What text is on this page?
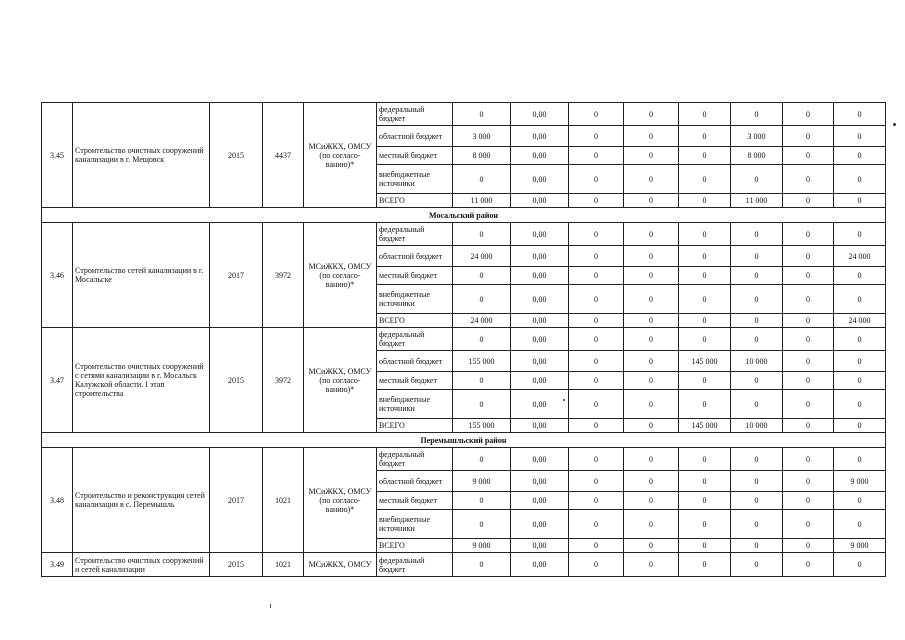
3.45	Строительство очистных сооружений канализации в г. Мещовск	2015	4437	МСиЖКХ, ОМСУ (по согласо-ванию)*	федеральный бюджет	0	0,00	0	0	0	0	0	0
					областной бюджет	3 000	0,00	0	0	0	3 000	0	0
					местный бюджет	8 000	0,00	0	0	0	8 000	0	0
					внебюджетные источники	0	0,00	0	0	0	0	0	0
					ВСЕГО	11 000	0,00	0	0	0	11 000	0	0
Мосальский район													
3.46	Строительство сетей канализации в г. Мосальске	2017	3972	МСиЖКХ, ОМСУ (по согласо-ванию)*	федеральный бюджет	0	0,00	0	0	0	0	0	0
					областной бюджет	24 000	0,00	0	0	0	0	0	24 000
					местный бюджет	0	0,00	0	0	0	0	0	0
					внебюджетные источники	0	0,00	0	0	0	0	0	0
					ВСЕГО	24 000	0,00	0	0	0	0	0	24 000
3.47	Строительство очистных сооружений с сетями канализации в г. Мосальск Калужской области. I этап строительства	2015	3972	МСиЖКХ, ОМСУ (по согласо-ванию)*	федеральный бюджет	0	0,00	0	0	0	0	0	0
					областной бюджет	155 000	0,00	0	0	145 000	10 000	0	0
					местный бюджет	0	0,00	0	0	0	0	0	0
					внебюджетные источники	0	0,00	0	0	0	0	0	0
					ВСЕГО	155 000	0,00	0	0	145 000	10 000	0	0
Перемышльский район													
3.48	Строительство и реконструкция сетей канализации в с. Перемышль	2017	1021	МСиЖКХ, ОМСУ (по согласо-ванию)*	федеральный бюджет	0	0,00	0	0	0	0	0	0
					областной бюджет	9 000	0,00	0	0	0	0	0	9 000
					местный бюджет	0	0,00	0	0	0	0	0	0
					внебюджетные источники	0	0,00	0	0	0	0	0	0
					ВСЕГО	9 000	0,00	0	0	0	0	0	9 000
3.49	Строительство очистных сооружений и сетей канализации	2015	1021	МСиЖКХ, ОМСУ	федеральный бюджет	0	0,00	0	0	0	0	0	0
